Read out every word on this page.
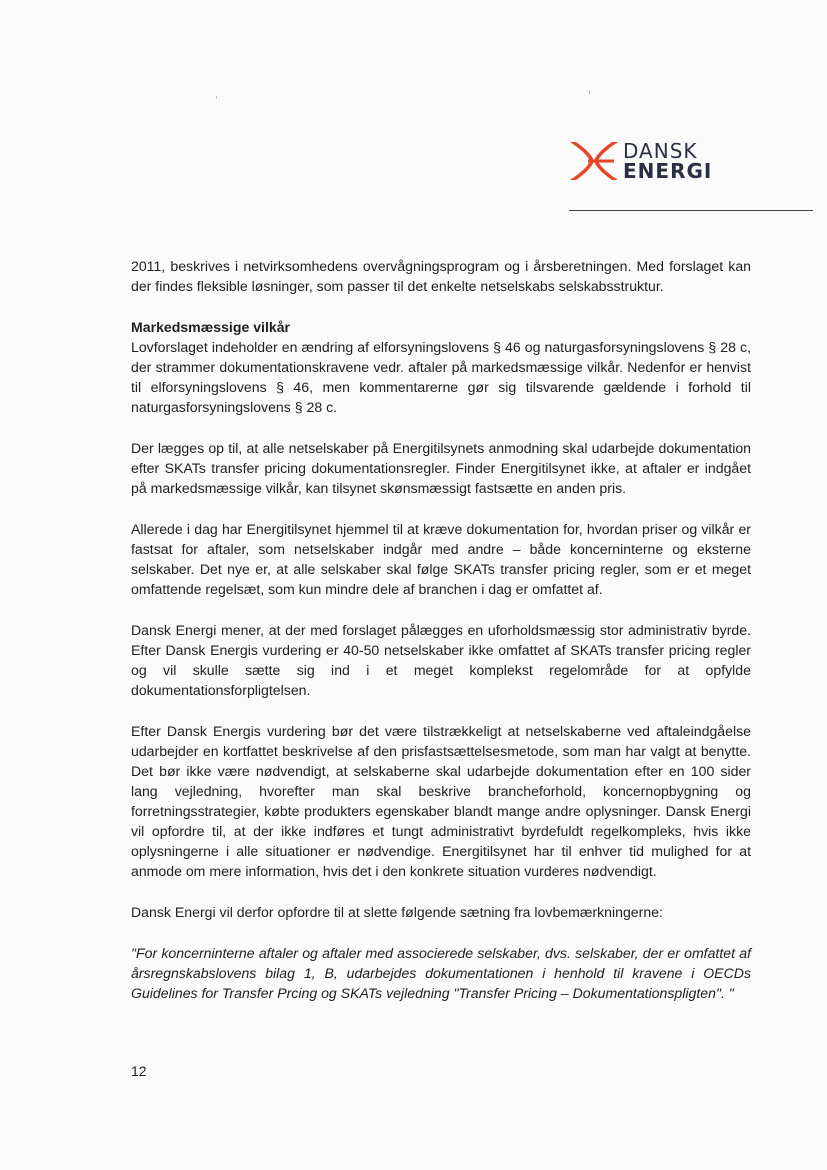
DANSK
ENERGI

2011, beskrives i netvirksomhedens overvågningsprogram og i årsberetningen. Med forslaget kan der findes fleksible løsninger, som passer til det enkelte netselskabs selskabsstruktur.

Markedsmæssige vilkår

Lovforslaget indeholder en ændring af elforsyningslovens § 46 og naturgasforsyningslovens § 28 c, der strammer dokumentationskravene vedr. aftaler på markedsmæssige vilkår. Nedenfor er henvist til elforsyningslovens § 46, men kommentarerne gør sig tilsvarende gældende i forhold til naturgasforsyningslovens § 28 c.

Der lægges op til, at alle netselskaber på Energitilsynets anmodning skal udarbejde dokumentation efter SKATs transfer pricing dokumentationsregler. Finder Energitilsynet ikke, at aftaler er indgået på markedsmæssige vilkår, kan tilsynet skønsmæssigt fastsætte en anden pris.

Allerede i dag har Energitilsynet hjemmel til at kræve dokumentation for, hvordan priser og vilkår er fastsat for aftaler, som netselskaber indgår med andre – både koncerninterne og eksterne selskaber. Det nye er, at alle selskaber skal følge SKATs transfer pricing regler, som er et meget omfattende regelsæt, som kun mindre dele af branchen i dag er omfattet af.

Dansk Energi mener, at der med forslaget pålægges en uforholdsmæssig stor administrativ byrde. Efter Dansk Energis vurdering er 40-50 netselskaber ikke omfattet af SKATs transfer pricing regler og vil skulle sætte sig ind i et meget komplekst regelområde for at opfylde dokumentationsforpligtelsen.

Efter Dansk Energis vurdering bør det være tilstrækkeligt at netselskaberne ved aftaleindgåelse udarbejder en kortfattet beskrivelse af den prisfastsættelsesmetode, som man har valgt at benytte. Det bør ikke være nødvendigt, at selskaberne skal udarbejde dokumentation efter en 100 sider lang vejledning, hvorefter man skal beskrive brancheforhold, koncernopbygning og forretningsstrategier, købte produkters egenskaber blandt mange andre oplysninger. Dansk Energi vil opfordre til, at der ikke indføres et tungt administrativt byrdefuldt regelkompleks, hvis ikke oplysningerne i alle situationer er nødvendige. Energitilsynet har til enhver tid mulighed for at anmode om mere information, hvis det i den konkrete situation vurderes nødvendigt.

Dansk Energi vil derfor opfordre til at slette følgende sætning fra lovbemærkningerne:

"For koncerninterne aftaler og aftaler med associerede selskaber, dvs. selskaber, der er omfattet af årsregnskabslovens bilag 1, B, udarbejdes dokumentationen i henhold til kravene i OECDs Guidelines for Transfer Prcing og SKATs vejledning "Transfer Pricing – Dokumentationspligten". "

12
